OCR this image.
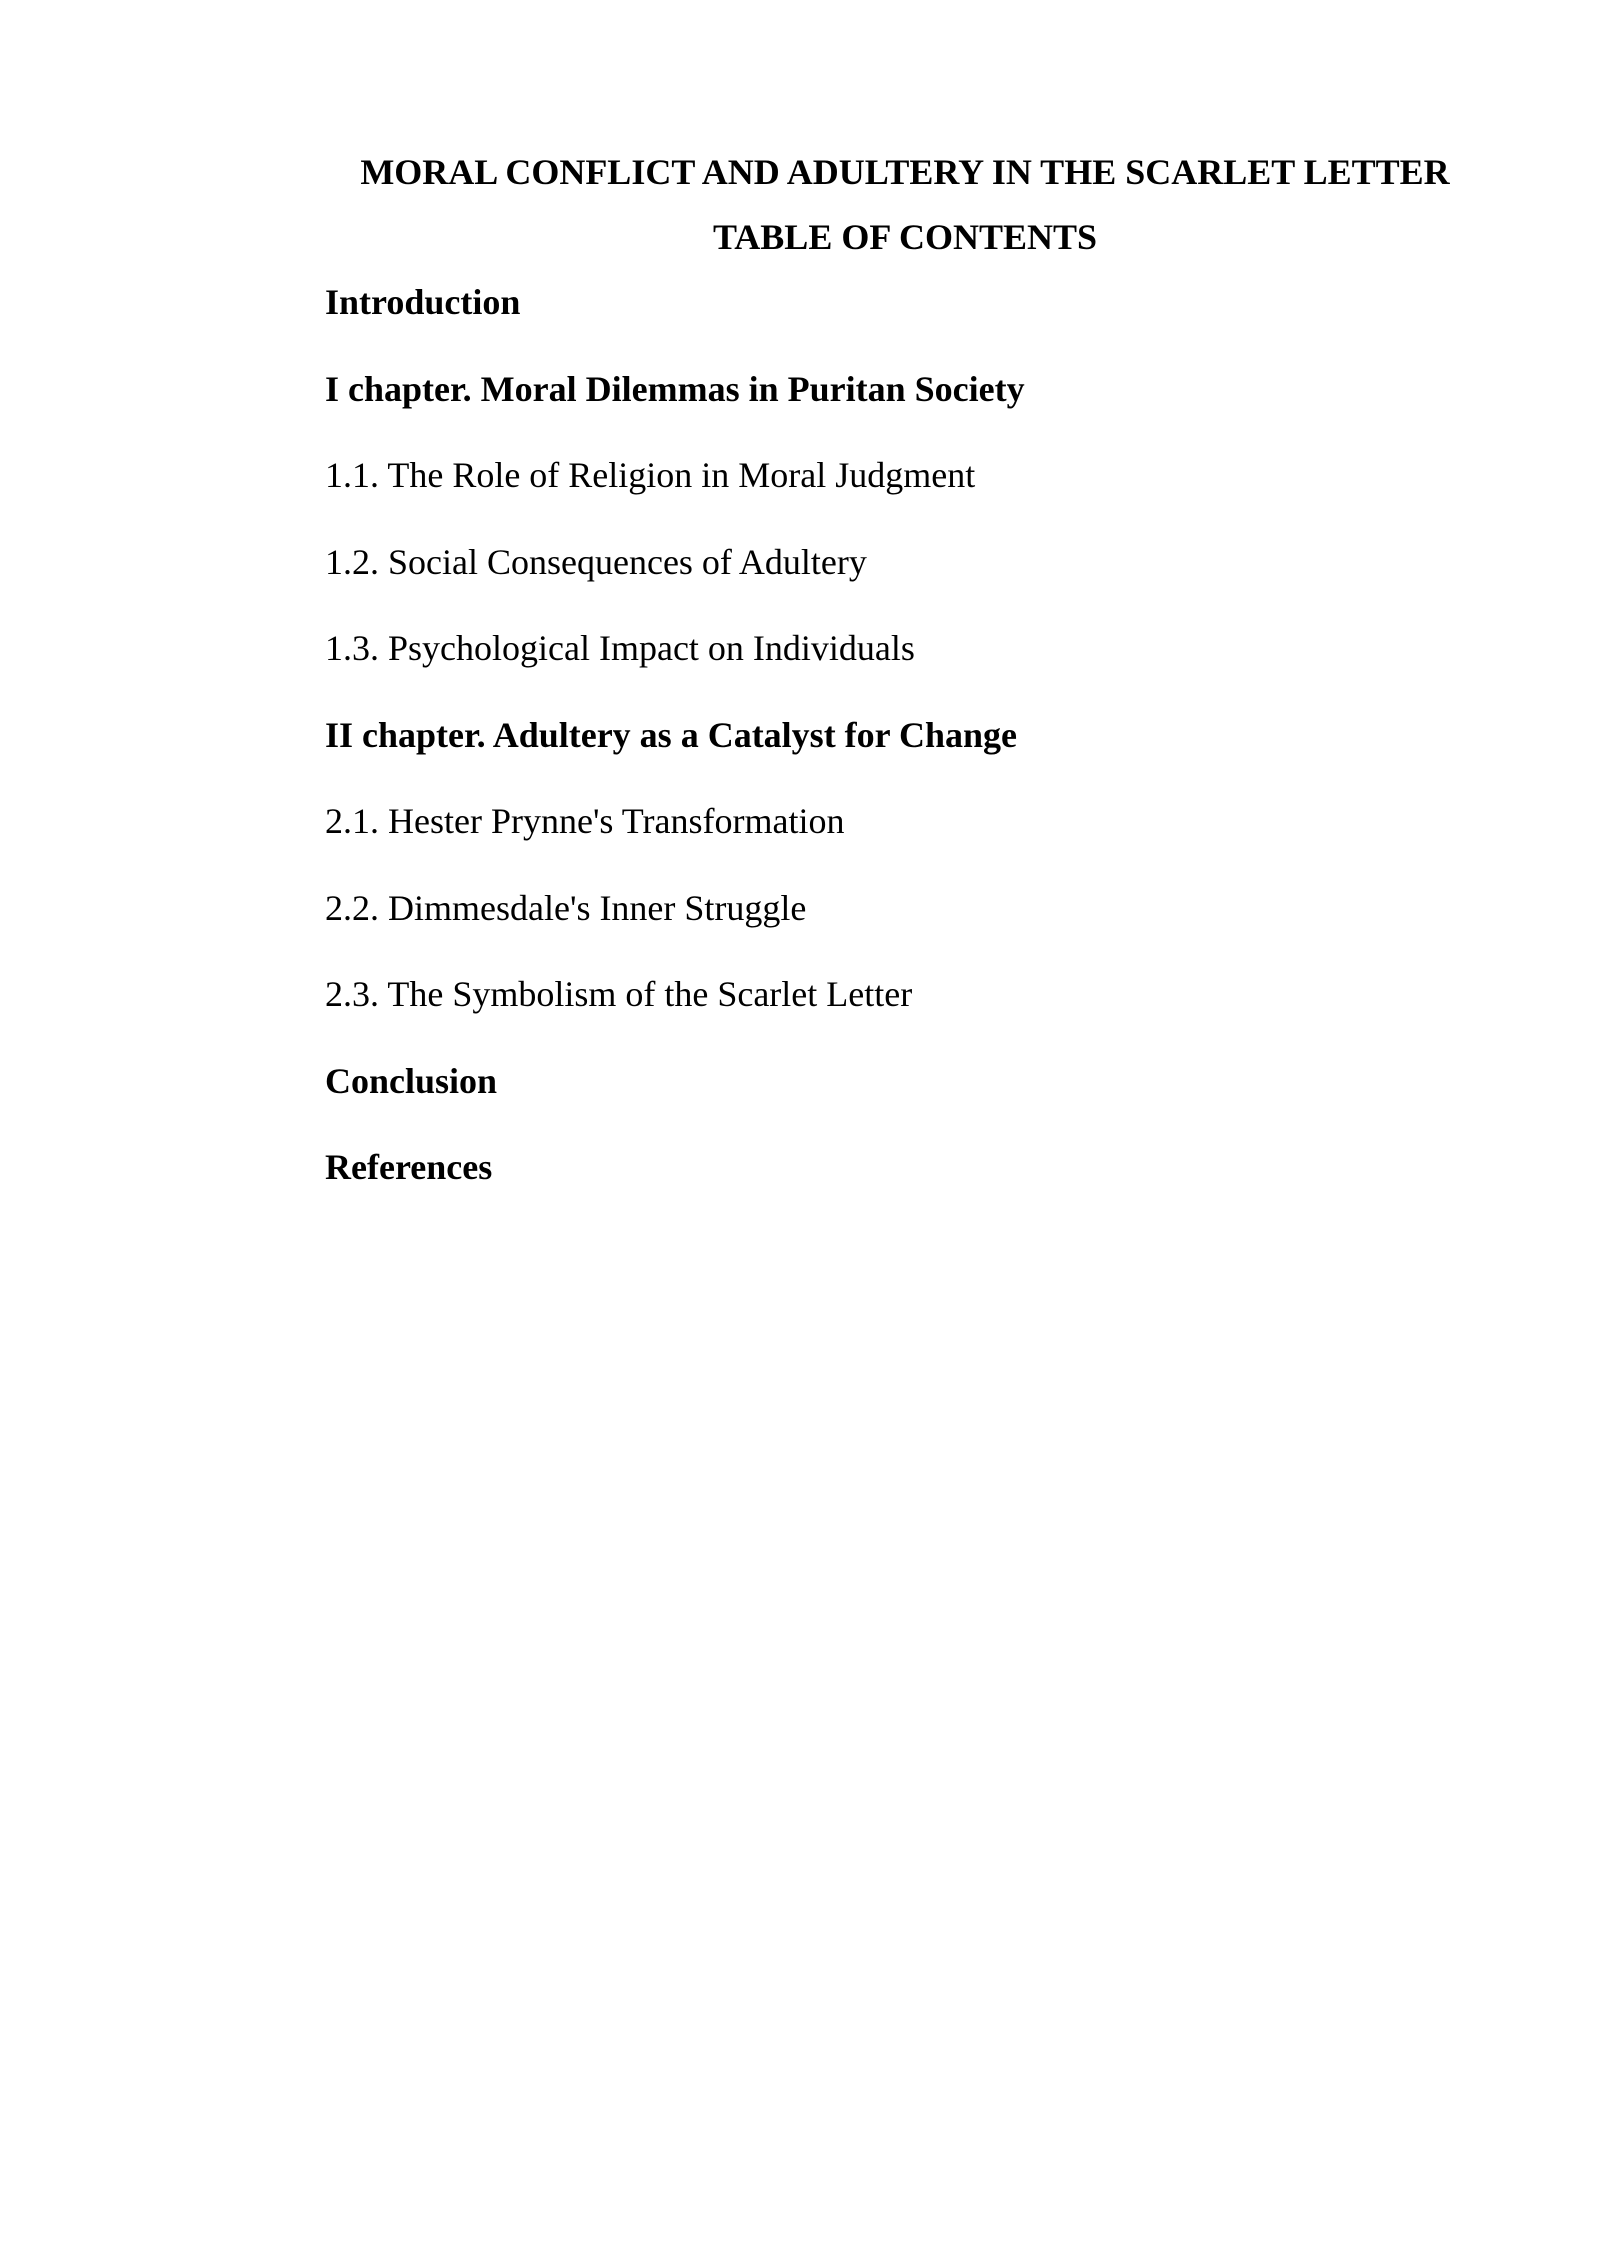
MORAL CONFLICT AND ADULTERY IN THE SCARLET LETTER
TABLE OF CONTENTS
Introduction
I chapter. Moral Dilemmas in Puritan Society
1.1. The Role of Religion in Moral Judgment
1.2. Social Consequences of Adultery
1.3. Psychological Impact on Individuals
II chapter. Adultery as a Catalyst for Change
2.1. Hester Prynne's Transformation
2.2. Dimmesdale's Inner Struggle
2.3. The Symbolism of the Scarlet Letter
Conclusion
References
